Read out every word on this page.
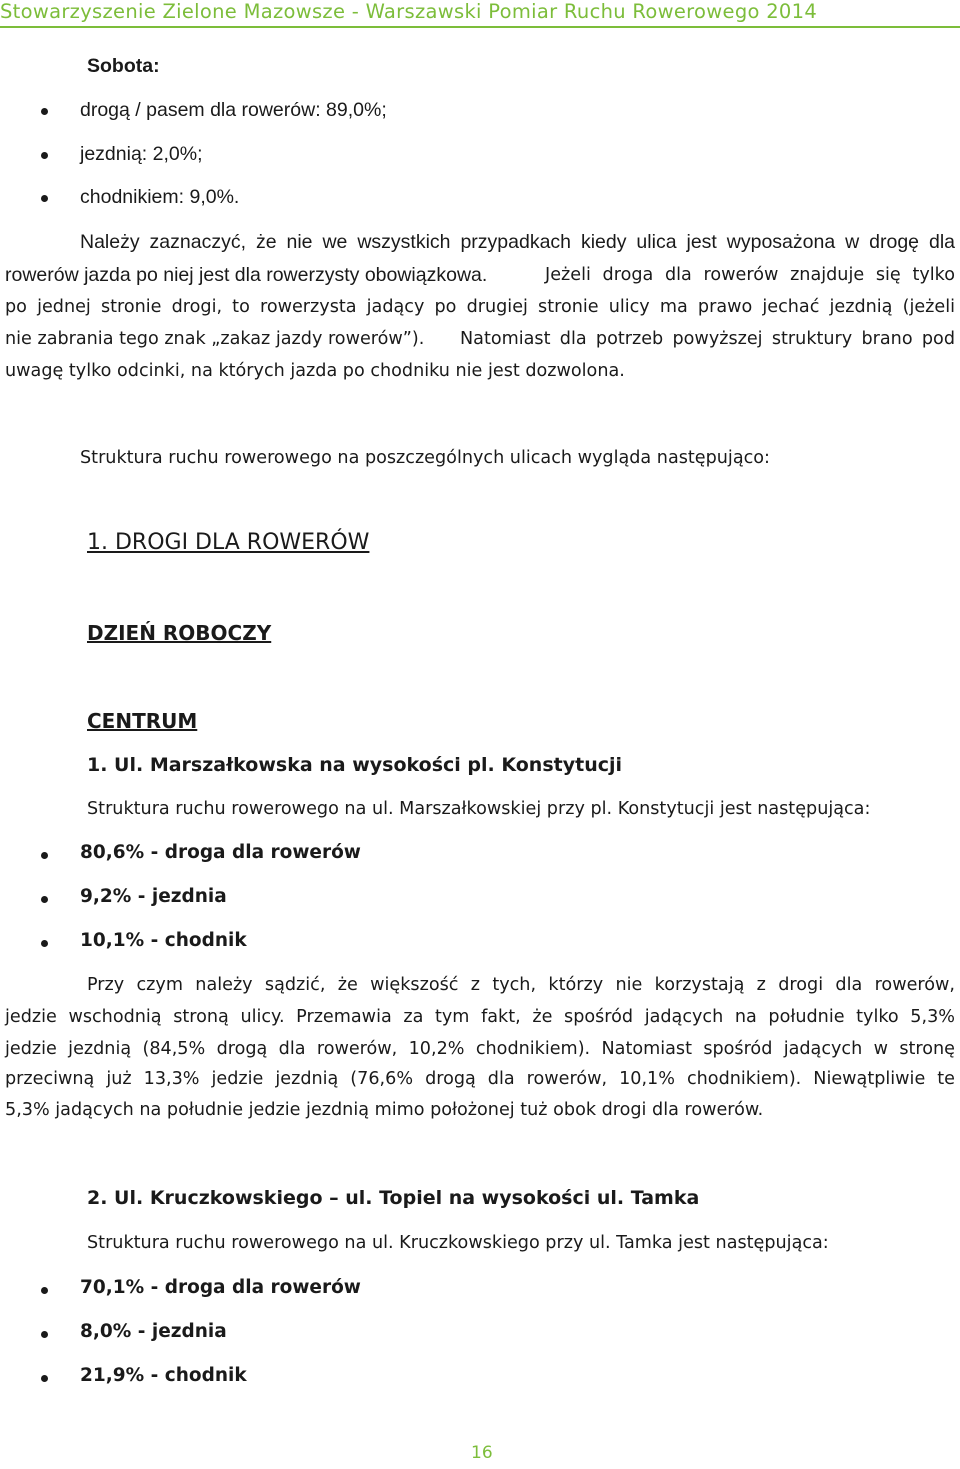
Stowarzyszenie Zielone Mazowsze - Warszawski Pomiar Ruchu Rowerowego 2014
Sobota:
drogą / pasem dla rowerów: 89,0%;
jezdnią: 2,0%;
chodnikiem: 9,0%.
Należy zaznaczyć, że nie we wszystkich przypadkach kiedy ulica jest wyposażona w drogę dla
rowerów jazda po niej jest dla rowerzysty obowiązkowa.	Jeżeli droga dla rowerów znajduje się tylko
po jednej stronie drogi, to rowerzysta jadący po drugiej stronie ulicy ma prawo jechać jezdnią (jeżeli
nie zabrania tego znak „zakaz jazdy rowerów”). Natomiast dla potrzeb powyższej struktury brano pod
uwagę tylko odcinki, na których jazda po chodniku nie jest dozwolona.
Struktura ruchu rowerowego na poszczególnych ulicach wygląda następująco:
1. DROGI DLA ROWERÓW
DZIEŃ ROBOCZY
CENTRUM
1. Ul. Marszałkowska na wysokości pl. Konstytucji
Struktura ruchu rowerowego na ul. Marszałkowskiej przy pl. Konstytucji jest następująca:
80,6% - droga dla rowerów
9,2% - jezdnia
10,1% - chodnik
Przy czym należy sądzić, że większość z tych, którzy nie korzystają z drogi dla rowerów,
jedzie wschodnią stroną ulicy. Przemawia za tym fakt, że spośród jadących na południe tylko 5,3%
jedzie jezdnią (84,5% drogą dla rowerów, 10,2% chodnikiem). Natomiast spośród jadących w stronę
przeciwną już 13,3% jedzie jezdnią (76,6% drogą dla rowerów, 10,1% chodnikiem). Niewątpliwie te
5,3% jadących na południe jedzie jezdnią mimo położonej tuż obok drogi dla rowerów.
2. Ul. Kruczkowskiego – ul. Topiel na wysokości ul. Tamka
Struktura ruchu rowerowego na ul. Kruczkowskiego przy ul. Tamka jest następująca:
70,1% - droga dla rowerów
8,0% - jezdnia
21,9% - chodnik
16
